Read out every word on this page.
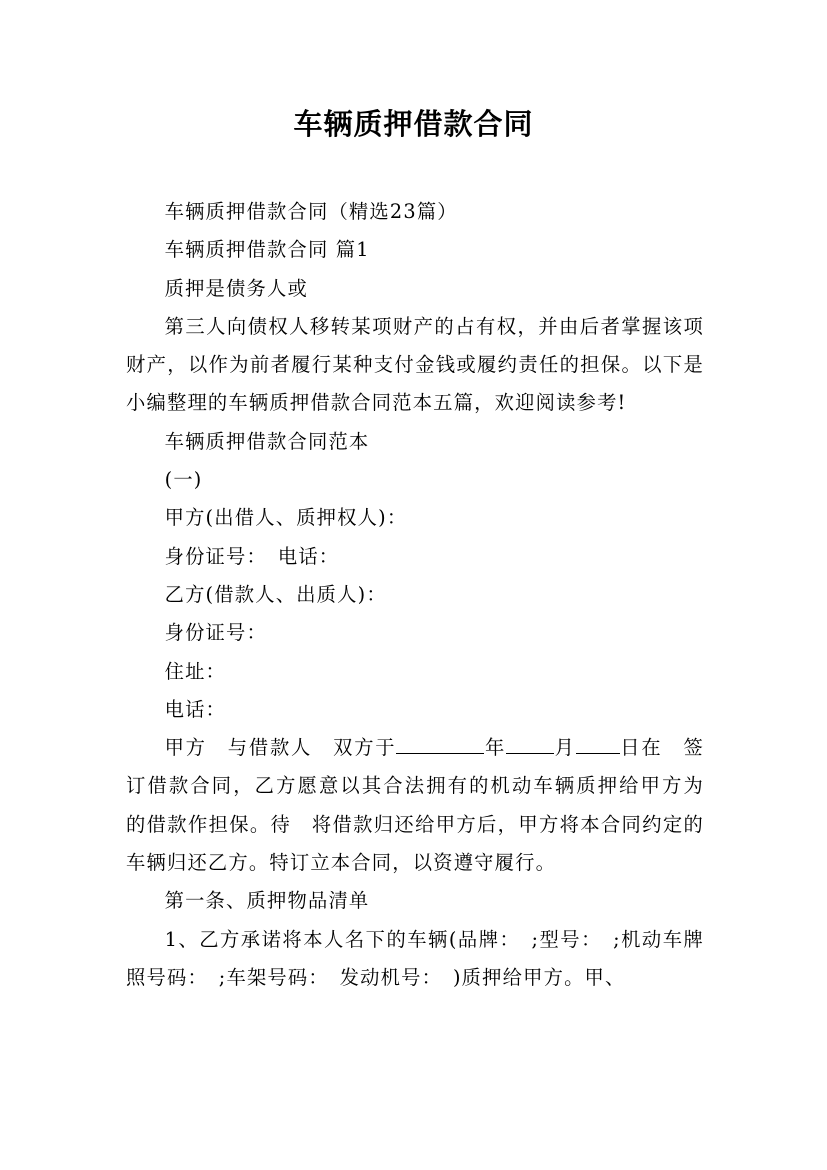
车辆质押借款合同

车辆质押借款合同（精选23篇）

车辆质押借款合同 篇1

质押是债务人或

第三人向债权人移转某项财产的占有权，并由后者掌握该项财产，以作为前者履行某种支付金钱或履约责任的担保。以下是小编整理的车辆质押借款合同范本五篇，欢迎阅读参考!

车辆质押借款合同范本

(一)

甲方(出借人、质押权人)：

身份证号：　电话：

乙方(借款人、出质人)：

身份证号：

住址：

电话：

甲方　与借款人　双方于	年 月 日在　签订借款合同，乙方愿意以其合法拥有的机动车辆质押给甲方为　的借款作担保。待　将借款归还给甲方后，甲方将本合同约定的车辆归还乙方。特订立本合同，以资遵守履行。

第一条、质押物品清单

1、乙方承诺将本人名下的车辆(品牌：　;型号：　;机动车牌照号码：　;车架号码：　发动机号：　)质押给甲方。甲、
